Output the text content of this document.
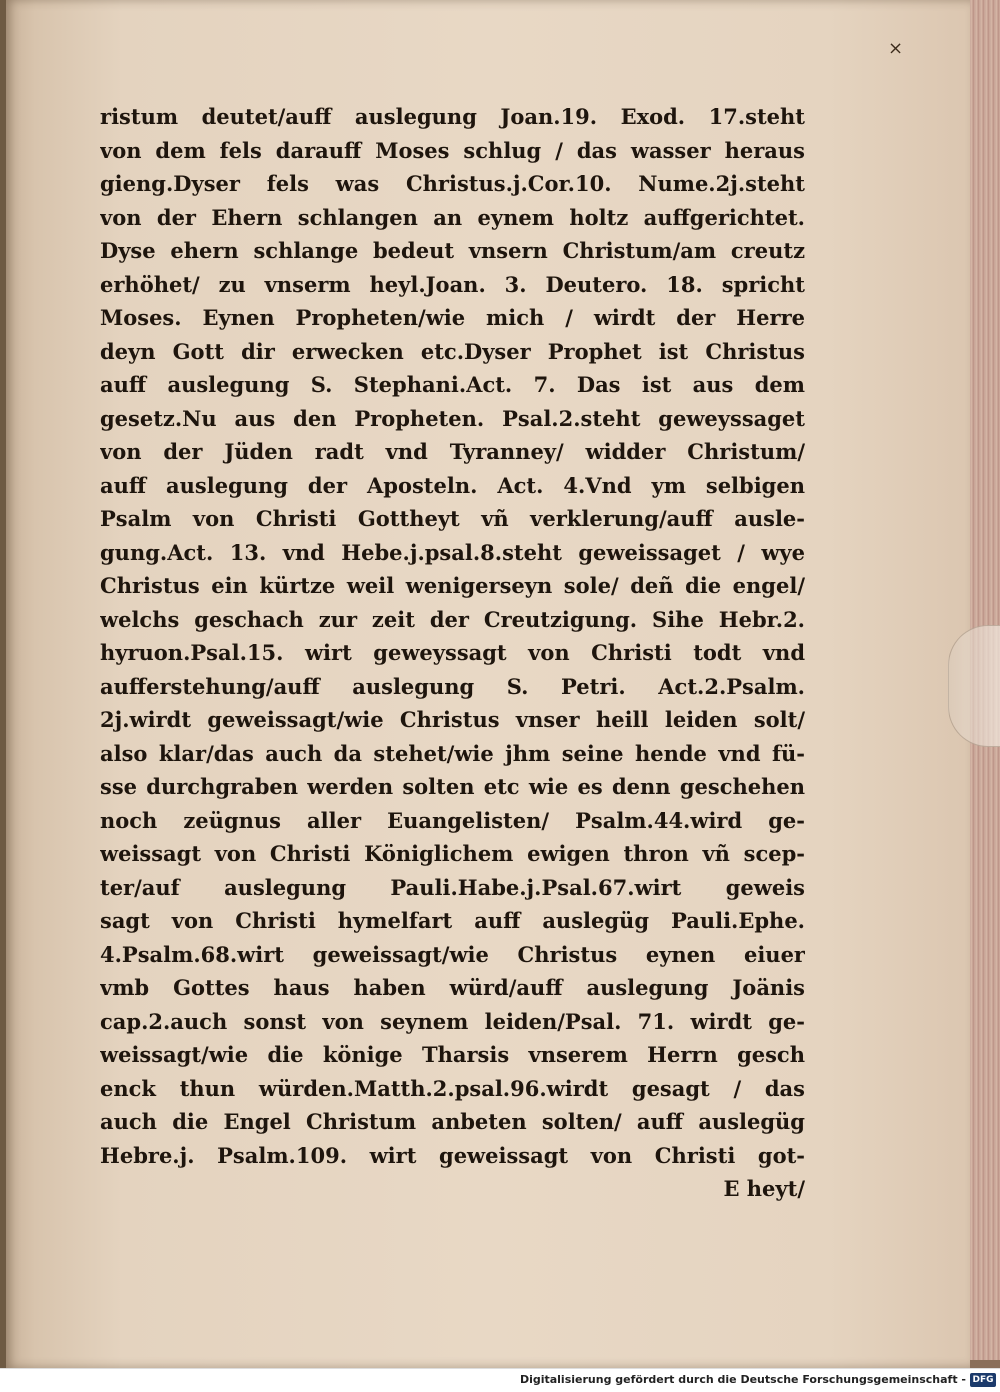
×
ristum deutet/auff auslegung Joan.19. Exod. 17.steht
von dem fels darauff Moses schlug / das wasser heraus
gieng.Dyser fels was Christus.j.Cor.10. Nume.2j.steht
von der Ehern schlangen an eynem holtz auffgerichtet.
Dyse ehern schlange bedeut vnsern Christum/am creutz
erhöhet/ zu vnserm heyl.Joan. 3. Deutero. 18. spricht
Moses. Eynen Propheten/wie mich / wirdt der Herre
deyn Gott dir erwecken etc.Dyser Prophet ist Christus
auff auslegung S. Stephani.Act. 7. Das ist aus dem
gesetz.Nu aus den Propheten. Psal.2.steht geweyssaget
von der Jüden radt vnd Tyranney/ widder Christum/
auff auslegung der Aposteln. Act. 4.Vnd ym selbigen
Psalm von Christi Gottheyt vñ verklerung/auff ausle-
gung.Act. 13. vnd Hebe.j.psal.8.steht geweissaget / wye
Christus ein kürtze weil wenigerseyn sole/ deñ die engel/
welchs geschach zur zeit der Creutzigung. Sihe Hebr.2.
hyruon.Psal.15. wirt geweyssagt von Christi todt vnd
aufferstehung/auff auslegung S. Petri. Act.2.Psalm.
2j.wirdt geweissagt/wie Christus vnser heill leiden solt/
also klar/das auch da stehet/wie jhm seine hende vnd fü-
sse durchgraben werden solten etc wie es denn geschehen
noch zeügnus aller Euangelisten/ Psalm.44.wird ge-
weissagt von Christi Königlichem ewigen thron vñ scep-
ter/auf auslegung Pauli.Habe.j.Psal.67.wirt geweis
sagt von Christi hymelfart auff auslegüg Pauli.Ephe.
4.Psalm.68.wirt geweissagt/wie Christus eynen eiuer
vmb Gottes haus haben würd/auff auslegung Joänis
cap.2.auch sonst von seynem leiden/Psal. 71. wirdt ge-
weissagt/wie die könige Tharsis vnserem Herrn gesch
enck thun würden.Matth.2.psal.96.wirdt gesagt / das
auch die Engel Christum anbeten solten/ auff auslegüg
Hebre.j. Psalm.109. wirt geweissagt von Christi got-
E heyt/
Digitalisierung gefördert durch die Deutsche Forschungsgemeinschaft - DFG
